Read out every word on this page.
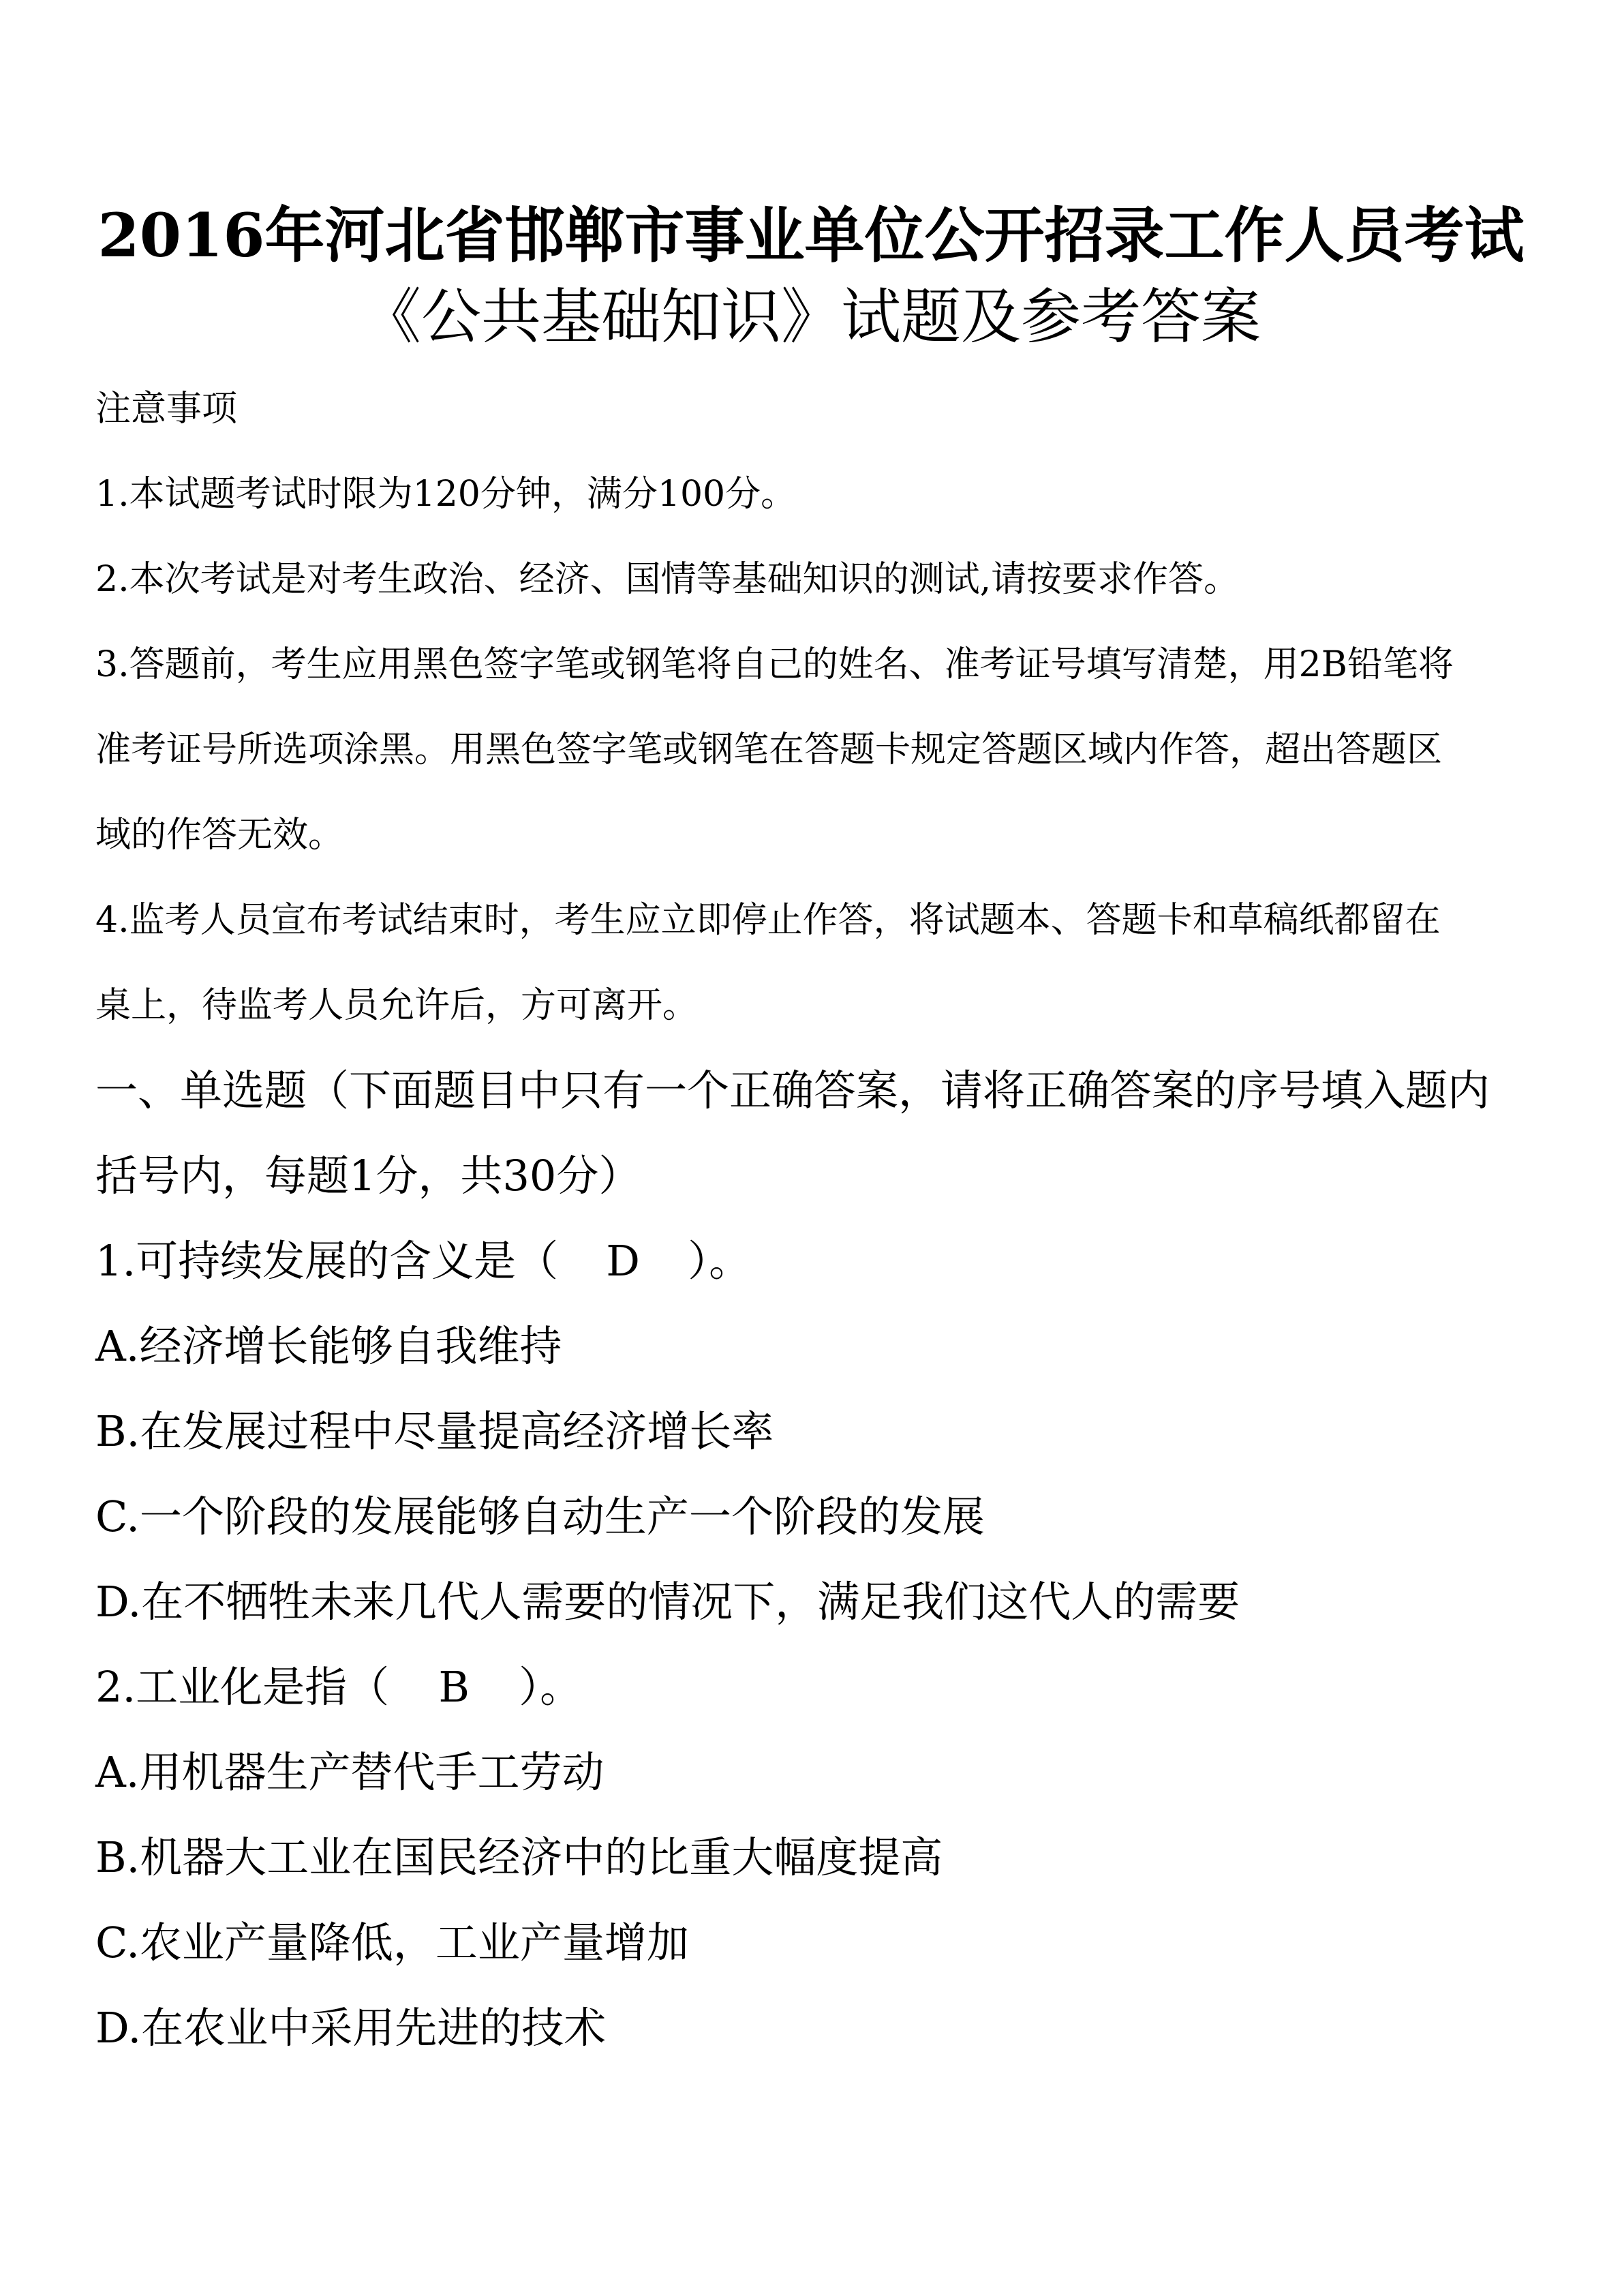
2016年河北省邯郸市事业单位公开招录工作人员考试
《公共基础知识》试题及参考答案
注意事项
1.本试题考试时限为120分钟，满分100分。
2.本次考试是对考生政治、经济、国情等基础知识的测试,请按要求作答。
3.答题前，考生应用黑色签字笔或钢笔将自己的姓名、准考证号填写清楚，用2B铅笔将
准考证号所选项涂黑。用黑色签字笔或钢笔在答题卡规定答题区域内作答，超出答题区
域的作答无效。
4.监考人员宣布考试结束时，考生应立即停止作答，将试题本、答题卡和草稿纸都留在
桌上，待监考人员允许后，方可离开。
一、单选题（下面题目中只有一个正确答案，请将正确答案的序号填入题内
括号内，每题1分，共30分）
1.可持续发展的含义是（ D ）。
A.经济增长能够自我维持
B.在发展过程中尽量提高经济增长率
C.一个阶段的发展能够自动生产一个阶段的发展
D.在不牺牲未来几代人需要的情况下，满足我们这代人的需要
2.工业化是指（ B ）。
A.用机器生产替代手工劳动
B.机器大工业在国民经济中的比重大幅度提高
C.农业产量降低，工业产量增加
D.在农业中采用先进的技术
